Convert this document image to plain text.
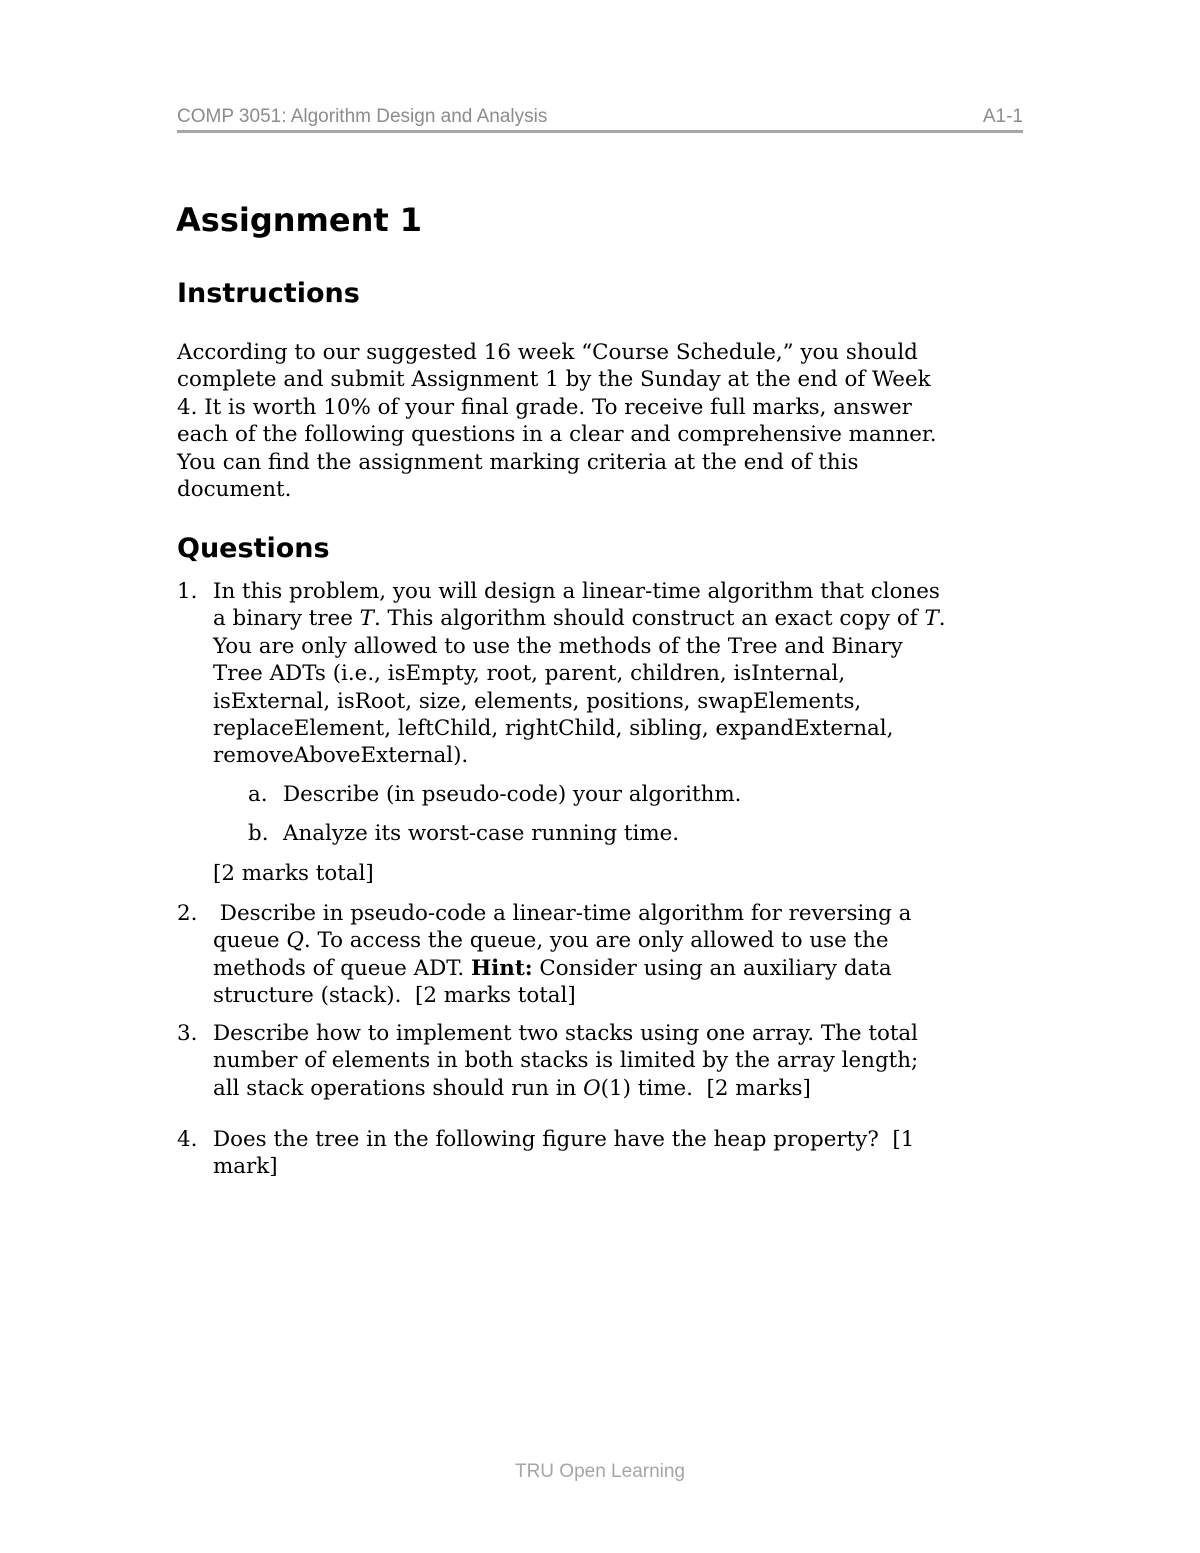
COMP 3051: Algorithm Design and Analysis	A1-1
Assignment 1
Instructions
According to our suggested 16 week “Course Schedule,” you should
complete and submit Assignment 1 by the Sunday at the end of Week
4. It is worth 10% of your final grade. To receive full marks, answer
each of the following questions in a clear and comprehensive manner.
You can find the assignment marking criteria at the end of this
document.
Questions
1. In this problem, you will design a linear-time algorithm that clones
a binary tree T. This algorithm should construct an exact copy of T.
You are only allowed to use the methods of the Tree and Binary
Tree ADTs (i.e., isEmpty, root, parent, children, isInternal,
isExternal, isRoot, size, elements, positions, swapElements,
replaceElement, leftChild, rightChild, sibling, expandExternal,
removeAboveExternal).
a. Describe (in pseudo-code) your algorithm.
b. Analyze its worst-case running time.
[2 marks total]
2. Describe in pseudo-code a linear-time algorithm for reversing a
queue Q. To access the queue, you are only allowed to use the
methods of queue ADT. Hint: Consider using an auxiliary data
structure (stack).  [2 marks total]
3. Describe how to implement two stacks using one array. The total
number of elements in both stacks is limited by the array length;
all stack operations should run in O(1) time.  [2 marks]
4. Does the tree in the following figure have the heap property?  [1
mark]
TRU Open Learning
